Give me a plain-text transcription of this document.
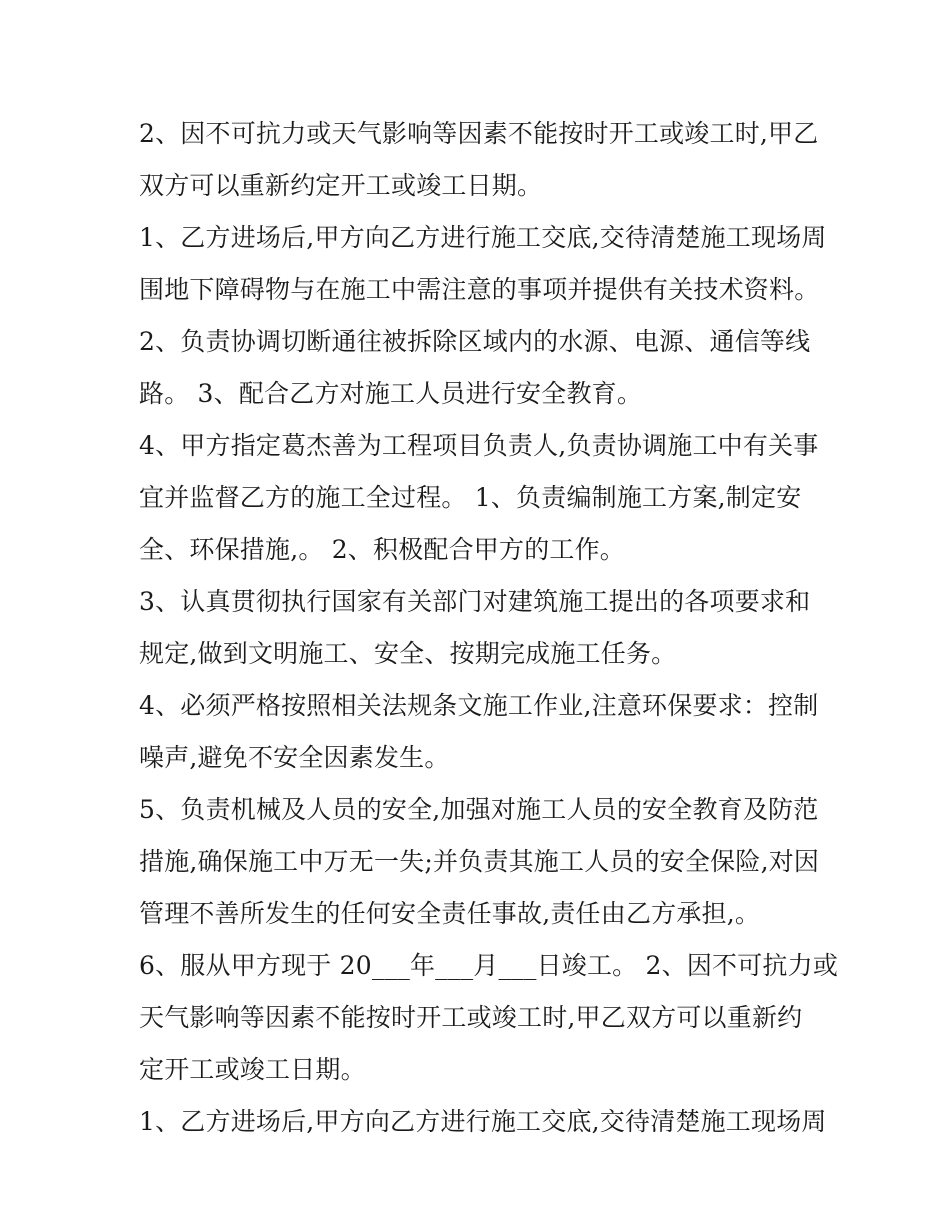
2、因不可抗力或天气影响等因素不能按时开工或竣工时,甲乙
双方可以重新约定开工或竣工日期。
1、乙方进场后,甲方向乙方进行施工交底,交待清楚施工现场周
围地下障碍物与在施工中需注意的事项并提供有关技术资料。
2、负责协调切断通往被拆除区域内的水源、电源、通信等线
路。 3、配合乙方对施工人员进行安全教育。
4、甲方指定葛杰善为工程项目负责人,负责协调施工中有关事
宜并监督乙方的施工全过程。 1、负责编制施工方案,制定安
全、环保措施,。 2、积极配合甲方的工作。
3、认真贯彻执行国家有关部门对建筑施工提出的各项要求和
规定,做到文明施工、安全、按期完成施工任务。
4、必须严格按照相关法规条文施工作业,注意环保要求：控制
噪声,避免不安全因素发生。
5、负责机械及人员的安全,加强对施工人员的安全教育及防范
措施,确保施工中万无一失;并负责其施工人员的安全保险,对因
管理不善所发生的任何安全责任事故,责任由乙方承担,。
6、服从甲方现于 20___年___月___日竣工。 2、因不可抗力或
天气影响等因素不能按时开工或竣工时,甲乙双方可以重新约
定开工或竣工日期。
1、乙方进场后,甲方向乙方进行施工交底,交待清楚施工现场周
